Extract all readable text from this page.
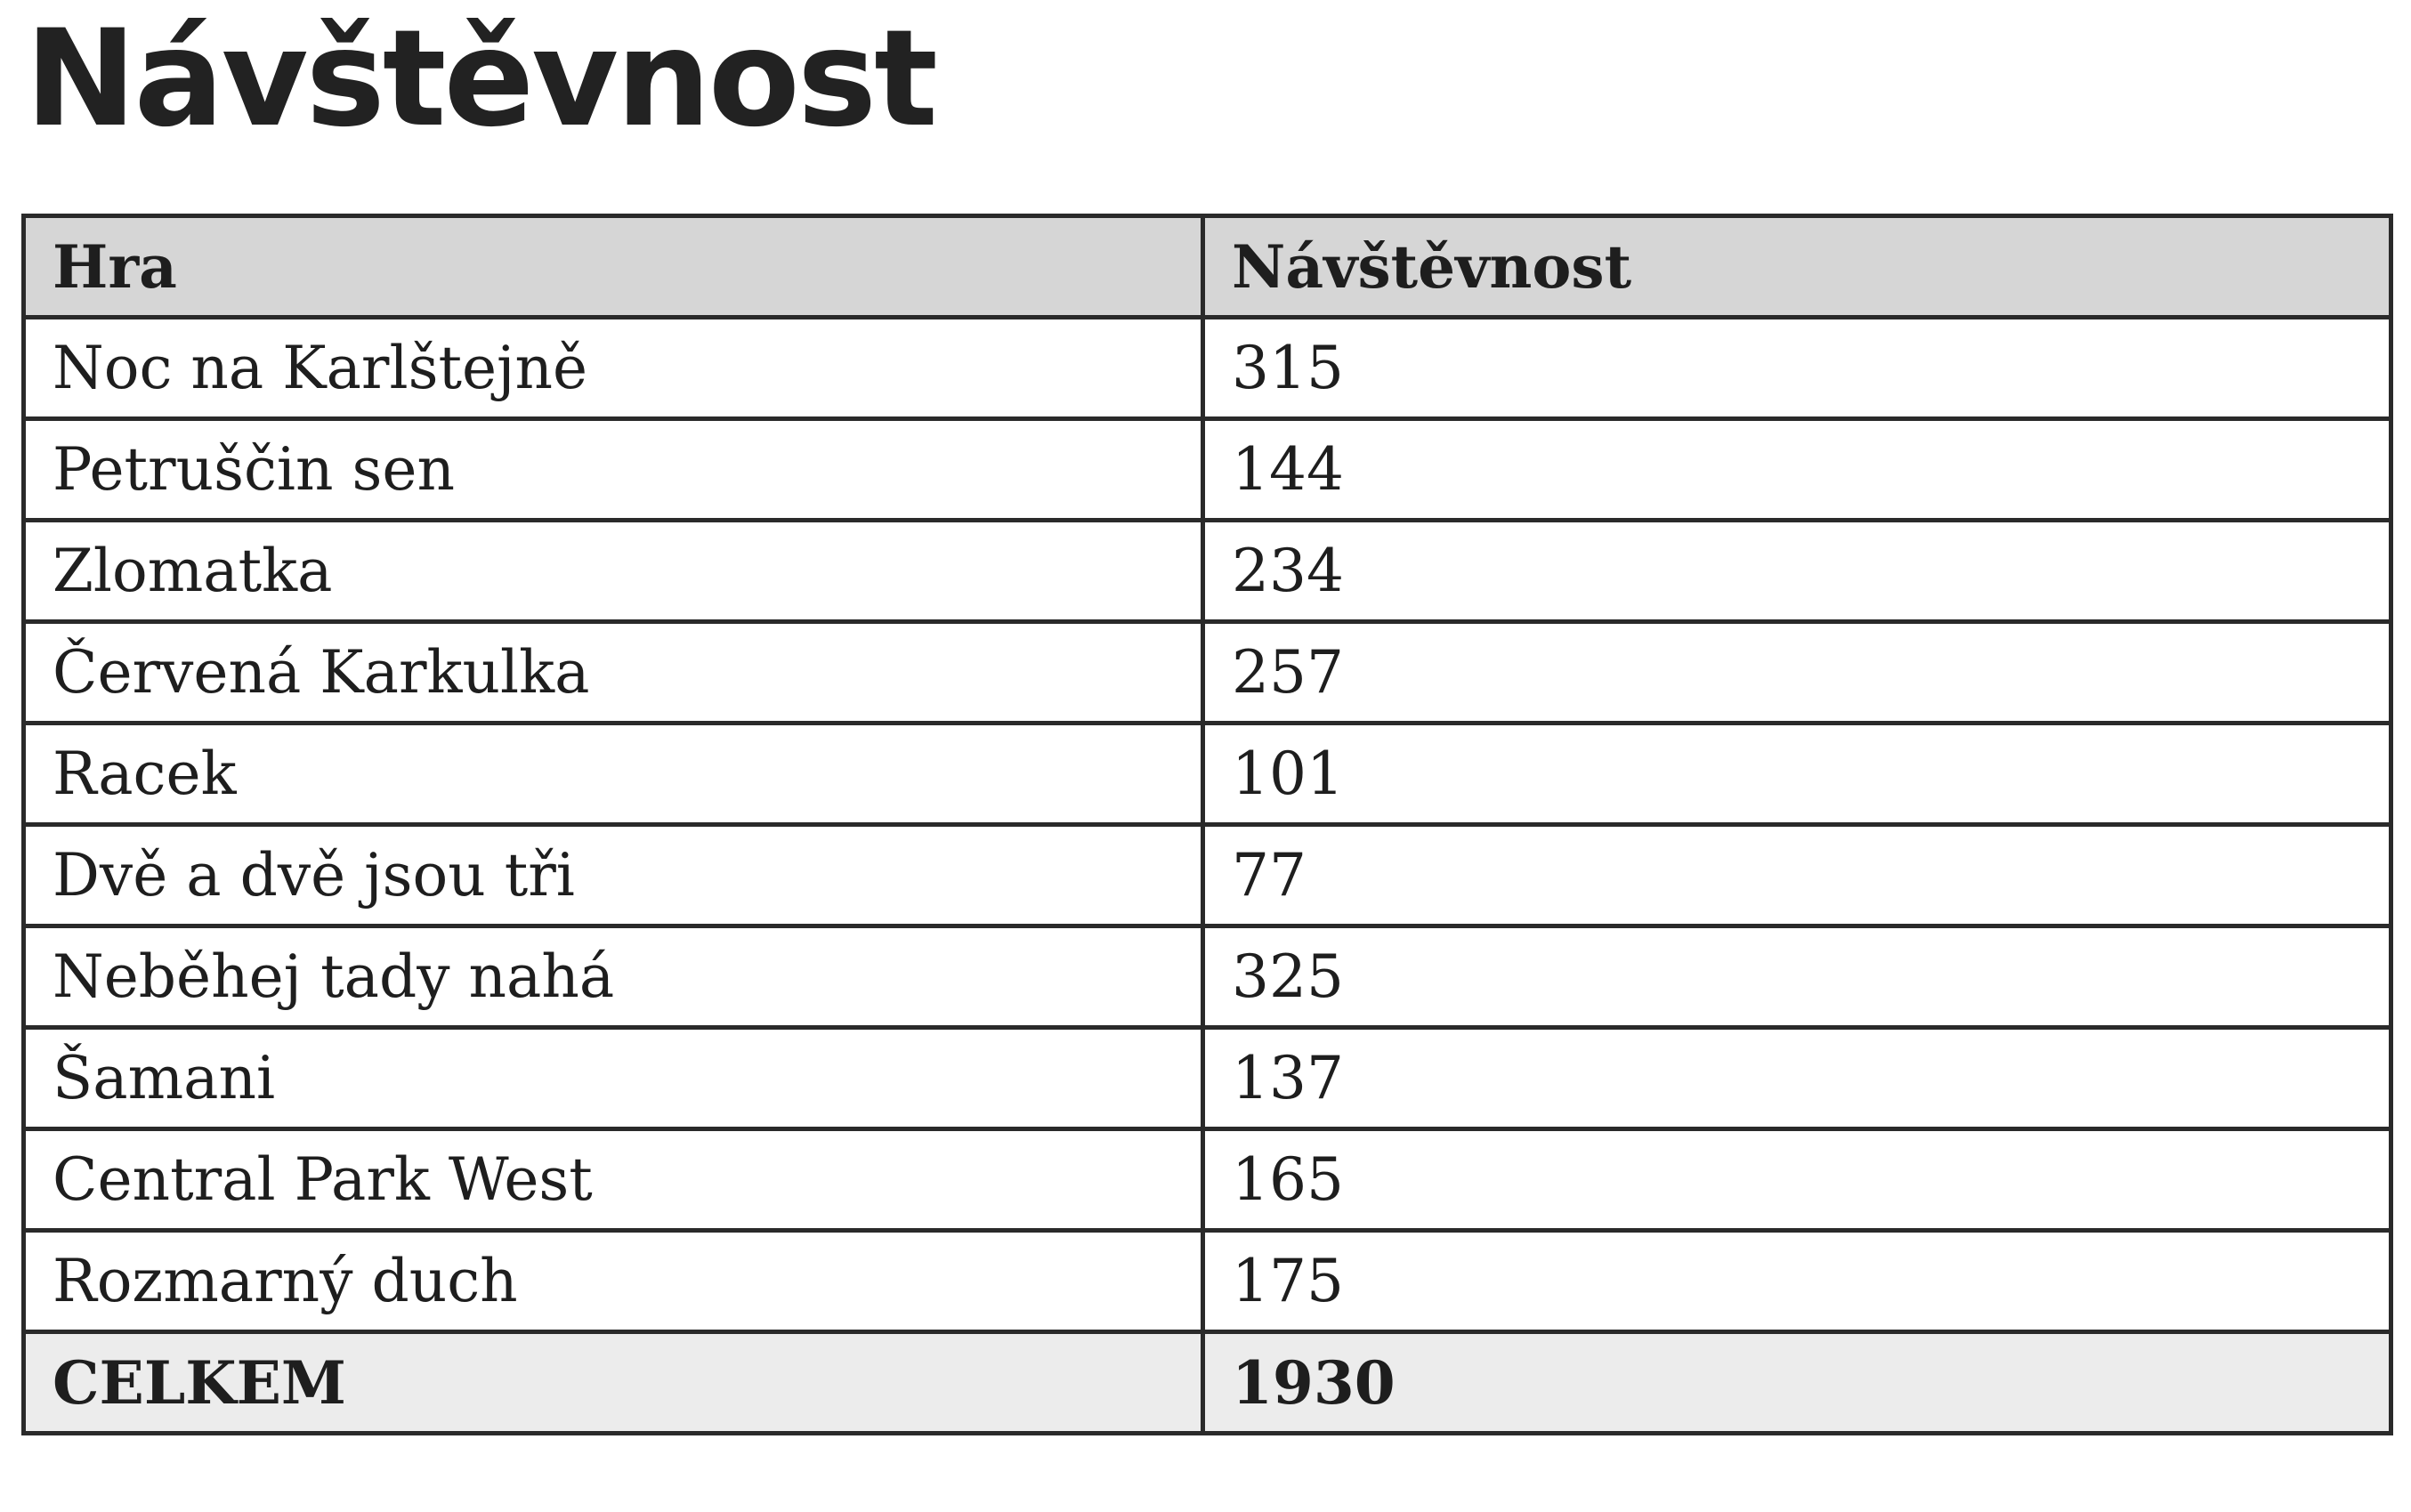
Návštěvnost
Hra	Návštěvnost
Noc na Karlštejně	315
Petruščin sen	144
Zlomatka	234
Červená Karkulka	257
Racek	101
Dvě a dvě jsou tři	77
Neběhej tady nahá	325
Šamani	137
Central Park West	165
Rozmarný duch	175
CELKEM	1930
